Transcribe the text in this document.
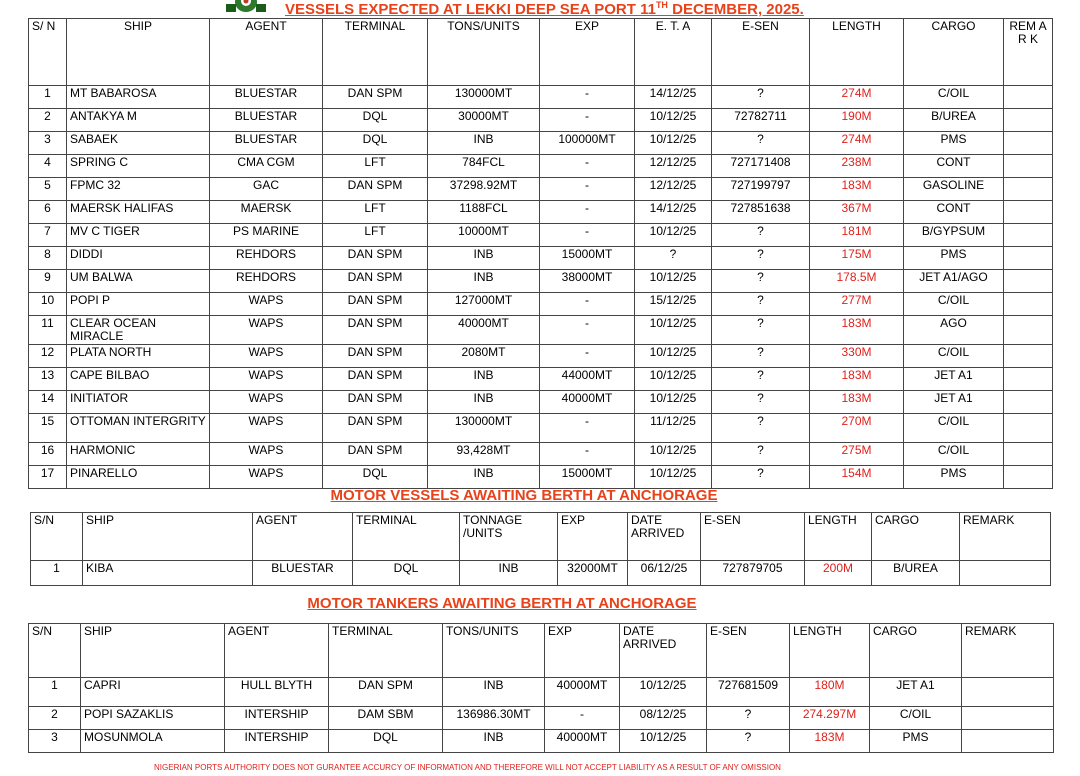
VESSELS EXPECTED AT LEKKI DEEP SEA PORT 11TH DECEMBER, 2025.
S/ N	SHIP	AGENT	TERMINAL	TONS/UNITS	EXP	E. T. A	E-SEN	LENGTH	CARGO	REM A R K
1	MT BABAROSA	BLUESTAR	DAN SPM	130000MT	-	14/12/25	?	274M	C/OIL	
2	ANTAKYA M	BLUESTAR	DQL	30000MT	-	10/12/25	72782711	190M	B/UREA	
3	SABAEK	BLUESTAR	DQL	INB	100000MT	10/12/25	?	274M	PMS	
4	SPRING C	CMA CGM	LFT	784FCL	-	12/12/25	727171408	238M	CONT	
5	FPMC 32	GAC	DAN SPM	37298.92MT	-	12/12/25	727199797	183M	GASOLINE	
6	MAERSK HALIFAS	MAERSK	LFT	1188FCL	-	14/12/25	727851638	367M	CONT	
7	MV C TIGER	PS MARINE	LFT	10000MT	-	10/12/25	?	181M	B/GYPSUM	
8	DIDDI	REHDORS	DAN SPM	INB	15000MT	?	?	175M	PMS	
9	UM BALWA	REHDORS	DAN SPM	INB	38000MT	10/12/25	?	178.5M	JET A1/AGO	
10	POPI P	WAPS	DAN SPM	127000MT	-	15/12/25	?	277M	C/OIL	
11	CLEAR OCEAN MIRACLE	WAPS	DAN SPM	40000MT	-	10/12/25	?	183M	AGO	
12	PLATA NORTH	WAPS	DAN SPM	2080MT	-	10/12/25	?	330M	C/OIL	
13	CAPE BILBAO	WAPS	DAN SPM	INB	44000MT	10/12/25	?	183M	JET A1	
14	INITIATOR	WAPS	DAN SPM	INB	40000MT	10/12/25	?	183M	JET A1	
15	OTTOMAN INTERGRITY	WAPS	DAN SPM	130000MT	-	11/12/25	?	270M	C/OIL	
16	HARMONIC	WAPS	DAN SPM	93,428MT	-	10/12/25	?	275M	C/OIL	
17	PINARELLO	WAPS	DQL	INB	15000MT	10/12/25	?	154M	PMS	
MOTOR VESSELS AWAITING BERTH AT ANCHORAGE
S/N	SHIP	AGENT	TERMINAL	TONNAGE /UNITS	EXP	DATE ARRIVED	E-SEN	LENGTH	CARGO	REMARK
1	KIBA	BLUESTAR	DQL	INB	32000MT	06/12/25	727879705	200M	B/UREA	
MOTOR TANKERS AWAITING BERTH AT ANCHORAGE
S/N	SHIP	AGENT	TERMINAL	TONS/UNITS	EXP	DATE ARRIVED	E-SEN	LENGTH	CARGO	REMARK
1	CAPRI	HULL BLYTH	DAN SPM	INB	40000MT	10/12/25	727681509	180M	JET A1	
2	POPI SAZAKLIS	INTERSHIP	DAM SBM	136986.30MT	-	08/12/25	?	274.297M	C/OIL	
3	MOSUNMOLA	INTERSHIP	DQL	INB	40000MT	10/12/25	?	183M	PMS	
NIGERIAN PORTS AUTHORITY DOES NOT GURANTEE ACCURCY OF INFORMATION AND THEREFORE WILL NOT ACCEPT LIABILITY AS A RESULT OF ANY OMISSION
